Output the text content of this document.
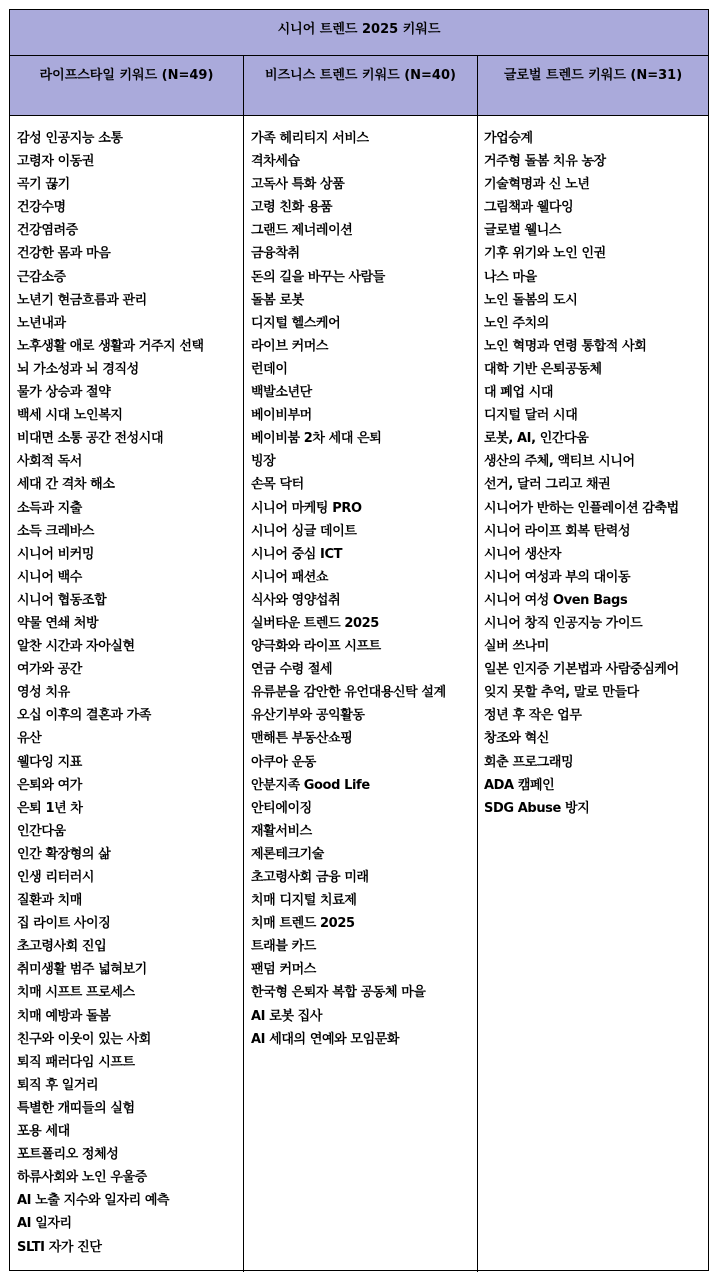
시니어 트렌드 2025 키워드
라이프스타일 키워드 (N=49)	비즈니스 트렌드 키워드 (N=40)	글로벌 트렌드 키워드 (N=31)
감성 인공지능 소통
고령자 이동권
곡기 끊기
건강수명
건강염려증
건강한 몸과 마음
근감소증
노년기 현금흐름과 관리
노년내과
노후생활 애로 생활과 거주지 선택
뇌 가소성과 뇌 경직성
물가 상승과 절약
백세 시대 노인복지
비대면 소통 공간 전성시대
사회적 독서
세대 간 격차 해소
소득과 지출
소득 크레바스
시니어 비커밍
시니어 백수
시니어 협동조합
약물 연쇄 처방
알찬 시간과 자아실현
여가와 공간
영성 치유
오십 이후의 결혼과 가족
유산
웰다잉 지표
은퇴와 여가
은퇴 1년 차
인간다움
인간 확장형의 삶
인생 리터러시
질환과 치매
집 라이트 사이징
초고령사회 진입
취미생활 범주 넓혀보기
치매 시프트 프로세스
치매 예방과 돌봄
친구와 이웃이 있는 사회
퇴직 패러다임 시프트
퇴직 후 일거리
특별한 개띠들의 실험
포용 세대
포트폴리오 정체성
하류사회와 노인 우울증
AI 노출 지수와 일자리 예측
AI 일자리
SLTI 자가 진단
가족 헤리티지 서비스
격차세습
고독사 특화 상품
고령 친화 용품
그랜드 제너레이션
금융착취
돈의 길을 바꾸는 사람들
돌봄 로봇
디지털 헬스케어
라이브 커머스
런데이
백발소년단
베이비부머
베이비붐 2차 세대 은퇴
빙장
손목 닥터
시니어 마케팅 PRO
시니어 싱글 데이트
시니어 중심 ICT
시니어 패션쇼
식사와 영양섭취
실버타운 트렌드 2025
양극화와 라이프 시프트
연금 수령 절세
유류분을 감안한 유언대용신탁 설계
유산기부와 공익활동
맨해튼 부동산쇼핑
아쿠아 운동
안분지족 Good Life
안티에이징
재활서비스
제론테크기술
초고령사회 금융 미래
치매 디지털 치료제
치매 트렌드 2025
트래블 카드
팬덤 커머스
한국형 은퇴자 복합 공동체 마을
AI 로봇 집사
AI 세대의 연예와 모임문화
가업승계
거주형 돌봄 치유 농장
기술혁명과 신 노년
그림책과 웰다잉
글로벌 웰니스
기후 위기와 노인 인권
나스 마을
노인 돌봄의 도시
노인 주치의
노인 혁명과 연령 통합적 사회
대학 기반 은퇴공동체
대 폐업 시대
디지털 달러 시대
로봇, AI, 인간다움
생산의 주체, 액티브 시니어
선거, 달러 그리고 채권
시니어가 반하는 인플레이션 감축법
시니어 라이프 회복 탄력성
시니어 생산자
시니어 여성과 부의 대이동
시니어 여성 Oven Bags
시니어 창직 인공지능 가이드
실버 쓰나미
일본 인지증 기본법과 사람중심케어
잊지 못할 추억, 말로 만들다
정년 후 작은 업무
창조와 혁신
회춘 프로그래밍
ADA 캠페인
SDG Abuse 방지
